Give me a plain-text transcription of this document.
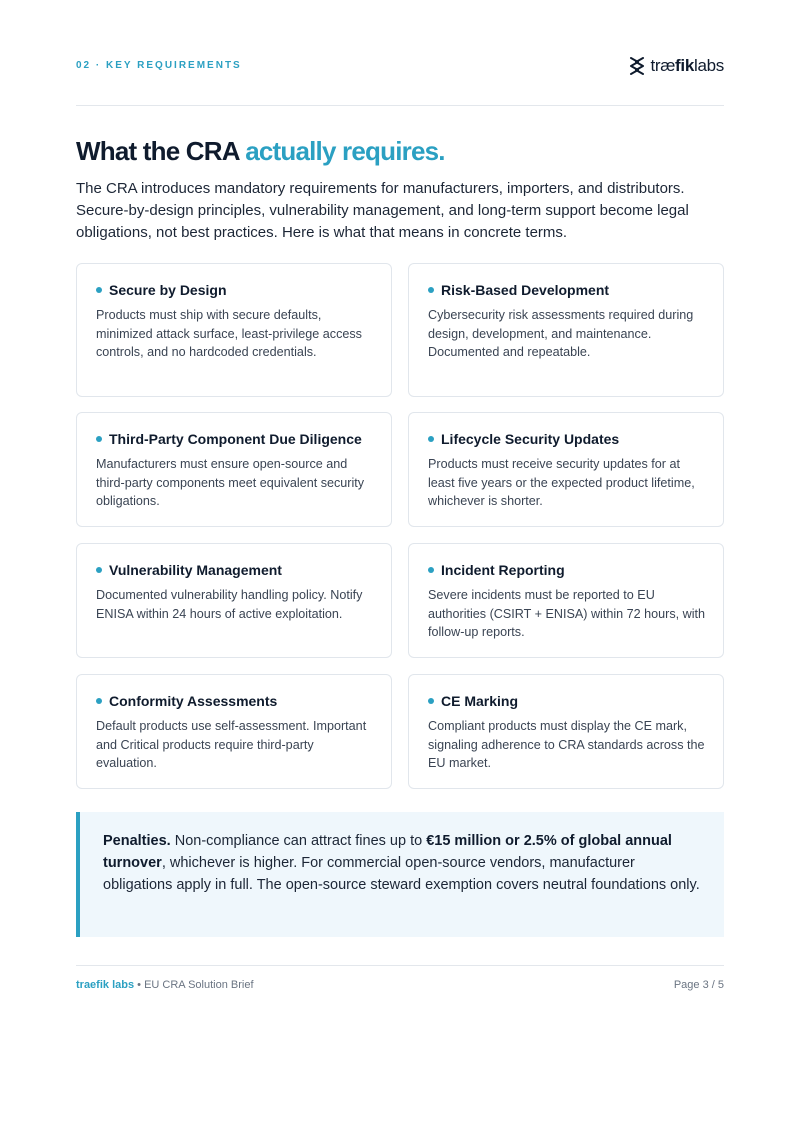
02 · KEY REQUIREMENTS	træfiklabs
What the CRA actually requires.

The CRA introduces mandatory requirements for manufacturers, importers, and distributors. Secure-by-design principles, vulnerability management, and long-term support become legal obligations, not best practices. Here is what that means in concrete terms.

Secure by Design
Products must ship with secure defaults, minimized attack surface, least-privilege access controls, and no hardcoded credentials.
Risk-Based Development
Cybersecurity risk assessments required during design, development, and maintenance. Documented and repeatable.
Third-Party Component Due Diligence
Manufacturers must ensure open-source and third-party components meet equivalent security obligations.
Lifecycle Security Updates
Products must receive security updates for at least five years or the expected product lifetime, whichever is shorter.
Vulnerability Management
Documented vulnerability handling policy. Notify ENISA within 24 hours of active exploitation.
Incident Reporting
Severe incidents must be reported to EU authorities (CSIRT + ENISA) within 72 hours, with follow-up reports.
Conformity Assessments
Default products use self-assessment. Important and Critical products require third-party evaluation.
CE Marking
Compliant products must display the CE mark, signaling adherence to CRA standards across the EU market.
Penalties. Non-compliance can attract fines up to €15 million or 2.5% of global annual turnover, whichever is higher. For commercial open-source vendors, manufacturer obligations apply in full. The open-source steward exemption covers neutral foundations only.
traefik labs • EU CRA Solution Brief	Page 3 / 5
